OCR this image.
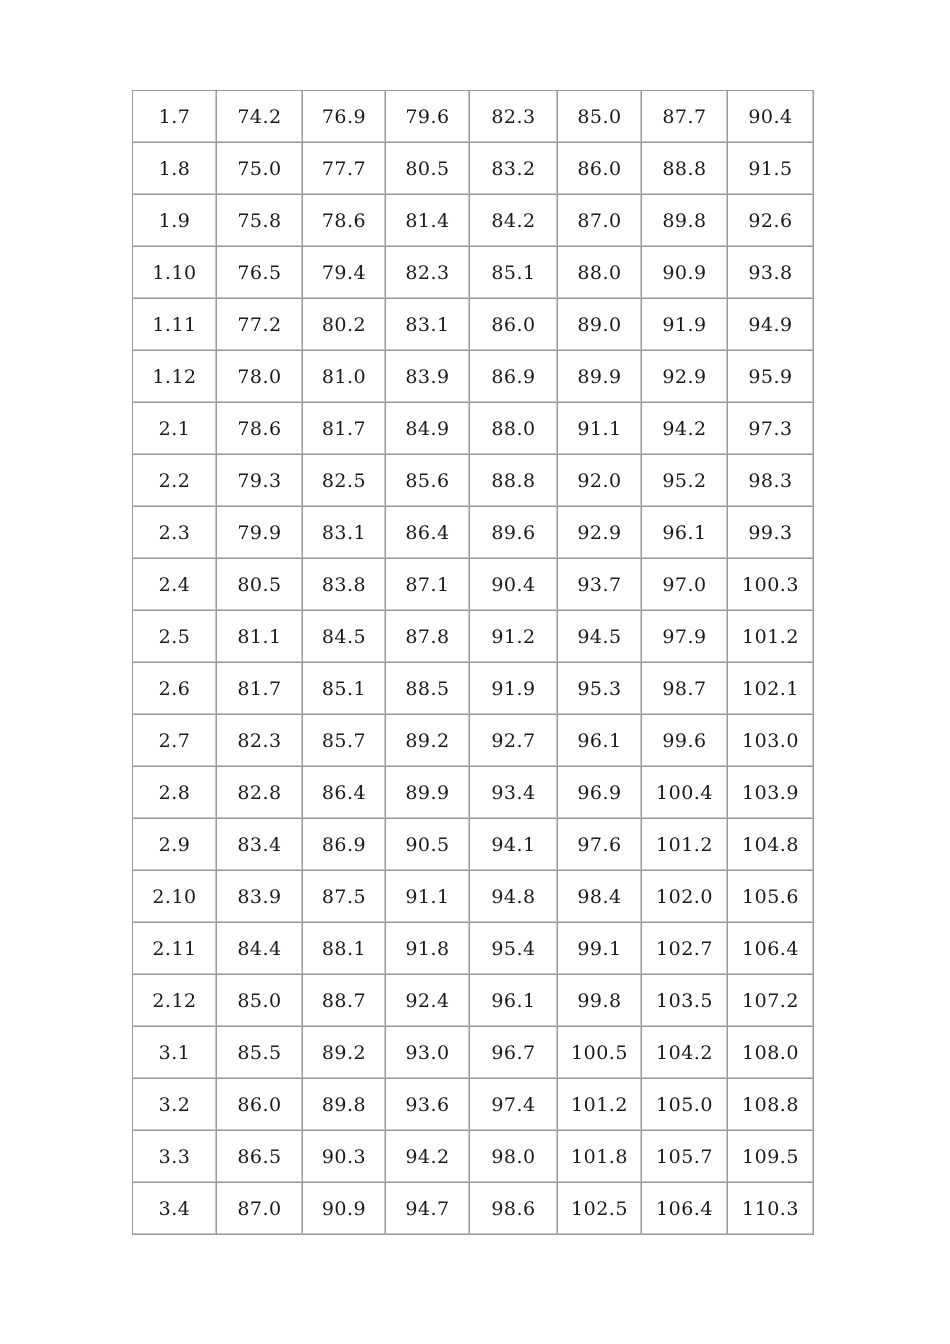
1.7	74.2	76.9	79.6	82.3	85.0	87.7	90.4
1.8	75.0	77.7	80.5	83.2	86.0	88.8	91.5
1.9	75.8	78.6	81.4	84.2	87.0	89.8	92.6
1.10	76.5	79.4	82.3	85.1	88.0	90.9	93.8
1.11	77.2	80.2	83.1	86.0	89.0	91.9	94.9
1.12	78.0	81.0	83.9	86.9	89.9	92.9	95.9
2.1	78.6	81.7	84.9	88.0	91.1	94.2	97.3
2.2	79.3	82.5	85.6	88.8	92.0	95.2	98.3
2.3	79.9	83.1	86.4	89.6	92.9	96.1	99.3
2.4	80.5	83.8	87.1	90.4	93.7	97.0	100.3
2.5	81.1	84.5	87.8	91.2	94.5	97.9	101.2
2.6	81.7	85.1	88.5	91.9	95.3	98.7	102.1
2.7	82.3	85.7	89.2	92.7	96.1	99.6	103.0
2.8	82.8	86.4	89.9	93.4	96.9	100.4	103.9
2.9	83.4	86.9	90.5	94.1	97.6	101.2	104.8
2.10	83.9	87.5	91.1	94.8	98.4	102.0	105.6
2.11	84.4	88.1	91.8	95.4	99.1	102.7	106.4
2.12	85.0	88.7	92.4	96.1	99.8	103.5	107.2
3.1	85.5	89.2	93.0	96.7	100.5	104.2	108.0
3.2	86.0	89.8	93.6	97.4	101.2	105.0	108.8
3.3	86.5	90.3	94.2	98.0	101.8	105.7	109.5
3.4	87.0	90.9	94.7	98.6	102.5	106.4	110.3
